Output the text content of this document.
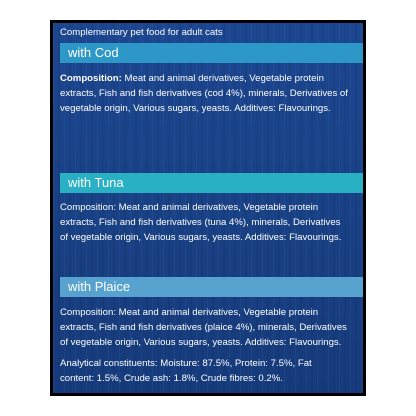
Complementary pet food for adult cats
with Cod
Composition: Meat and animal derivatives, Vegetable protein
extracts, Fish and fish derivatives (cod 4%), minerals, Derivatives of
vegetable origin, Various sugars, yeasts. Additives: Flavourings.
with Tuna
Composition: Meat and animal derivatives, Vegetable protein
extracts, Fish and fish derivatives (tuna 4%), minerals, Derivatives
of vegetable origin, Various sugars, yeasts. Additives: Flavourings.
with Plaice
Composition: Meat and animal derivatives, Vegetable protein
extracts, Fish and fish derivatives (plaice 4%), minerals, Derivatives
of vegetable origin, Various sugars, yeasts. Additives: Flavourings.
Analytical constituents: Moisture: 87.5%, Protein: 7.5%, Fat
content: 1.5%, Crude ash: 1.8%, Crude fibres: 0.2%.
